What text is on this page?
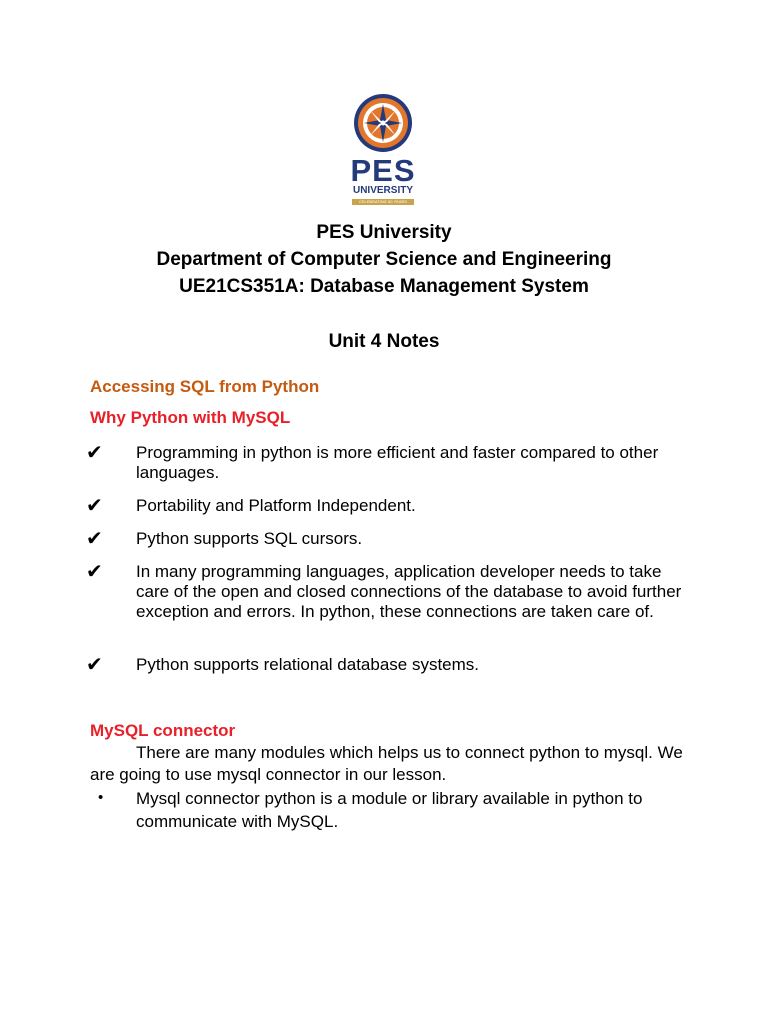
PES
UNIVERSITY
CELEBRATING 50 YEARS
PES University
Department of Computer Science and Engineering
UE21CS351A: Database Management System
Unit 4 Notes
Accessing SQL from Python
Why Python with MySQL
✔ Programming in python is more efficient and faster compared to other languages.
✔ Portability and Platform Independent.
✔ Python supports SQL cursors.
✔ In many programming languages, application developer needs to take care of the open and closed connections of the database to avoid further exception and errors. In python, these connections are taken care of.
✔ Python supports relational database systems.
MySQL connector
There are many modules which helps us to connect python to mysql. We are going to use mysql connector in our lesson.
• Mysql connector python is a module or library available in python to communicate with MySQL.
